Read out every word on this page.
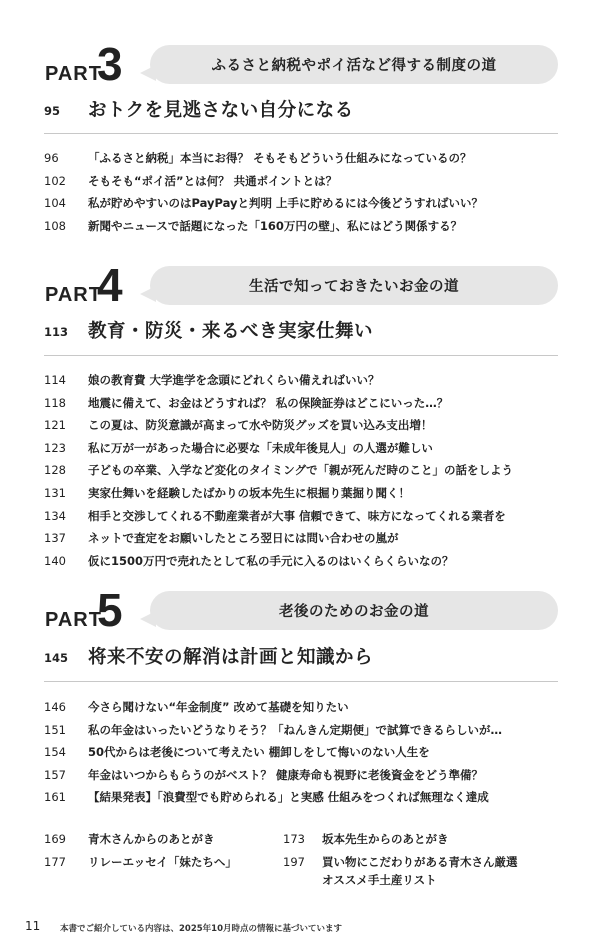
PART
3	ふるさと納税やポイ活など得する制度の道
95 おトクを見逃さない自分になる
96	「ふるさと納税」本当にお得？ そもそもどういう仕組みになっているの？
102	そもそも“ポイ活”とは何？ 共通ポイントとは？
104	私が貯めやすいのはPayPayと判明 上手に貯めるには今後どうすればいい？
108	新聞やニュースで話題になった「160万円の壁」、私にはどう関係する？
PART
4	生活で知っておきたいお金の道
113 教育・防災・来るべき実家仕舞い
114	娘の教育費 大学進学を念頭にどれくらい備えればいい？
118	地震に備えて、お金はどうすれば？ 私の保険証券はどこにいった…？
121	この夏は、防災意識が高まって水や防災グッズを買い込み支出増！
123	私に万が一があった場合に必要な「未成年後見人」の人選が難しい
128	子どもの卒業、入学など変化のタイミングで「親が死んだ時のこと」の話をしよう
131	実家仕舞いを経験したばかりの坂本先生に根掘り葉掘り聞く！
134	相手と交渉してくれる不動産業者が大事 信頼できて、味方になってくれる業者を
137	ネットで査定をお願いしたところ翌日には問い合わせの嵐が
140	仮に1500万円で売れたとして私の手元に入るのはいくらくらいなの？
PART
5	老後のためのお金の道
145 将来不安の解消は計画と知識から
146	今さら聞けない“年金制度” 改めて基礎を知りたい
151	私の年金はいったいどうなりそう？「ねんきん定期便」で試算できるらしいが…
154	50代からは老後について考えたい 棚卸しをして悔いのない人生を
157	年金はいつからもらうのがベスト？ 健康寿命も視野に老後資金をどう準備？
161	【結果発表】「浪費型でも貯められる」と実感 仕組みをつくれば無理なく達成
169 青木さんからのあとがき	173 坂本先生からのあとがき
177 リレーエッセイ「妹たちへ」	197 買い物にこだわりがある青木さん厳選
オススメ手土産リスト
11 本書でご紹介している内容は、2025年10月時点の情報に基づいています
